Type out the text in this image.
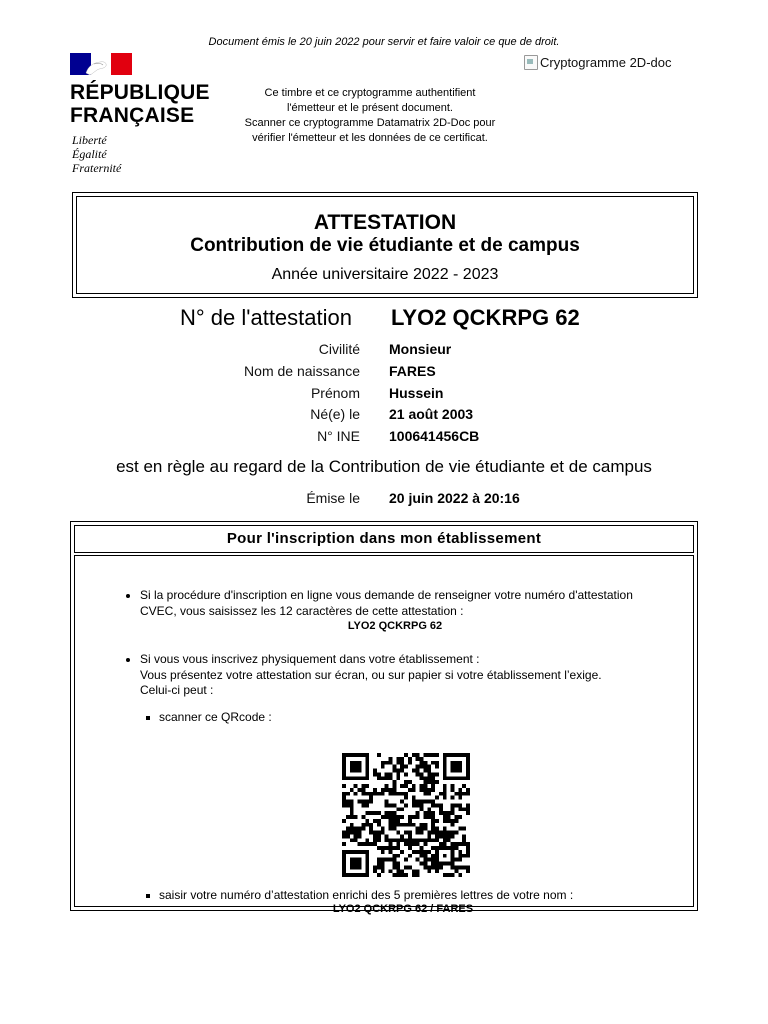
Document émis le 20 juin 2022 pour servir et faire valoir ce que de droit.
RÉPUBLIQUE
FRANÇAISE
Liberté
Égalité
Fraternité
Ce timbre et ce cryptogramme authentifient
l'émetteur et le présent document.
Scanner ce cryptogramme Datamatrix 2D-Doc pour
vérifier l'émetteur et les données de ce certificat.
Cryptogramme 2D-doc
ATTESTATION
Contribution de vie étudiante et de campus
Année universitaire 2022 - 2023
N° de l'attestation LYO2 QCKRPG 62
Civilité Monsieur
Nom de naissance FARES
Prénom Hussein
Né(e) le 21 août 2003
N° INE 100641456CB
est en règle au regard de la Contribution de vie étudiante et de campus
Émise le 20 juin 2022 à 20:16
Pour l'inscription dans mon établissement
Si la procédure d'inscription en ligne vous demande de renseigner votre numéro d'attestation
CVEC, vous saisissez les 12 caractères de cette attestation :
LYO2 QCKRPG 62
Si vous vous inscrivez physiquement dans votre établissement :
Vous présentez votre attestation sur écran, ou sur papier si votre établissement l’exige.
Celui-ci peut :
scanner ce QRcode :
saisir votre numéro d’attestation enrichi des 5 premières lettres de votre nom :
LYO2 QCKRPG 62 / FARES
